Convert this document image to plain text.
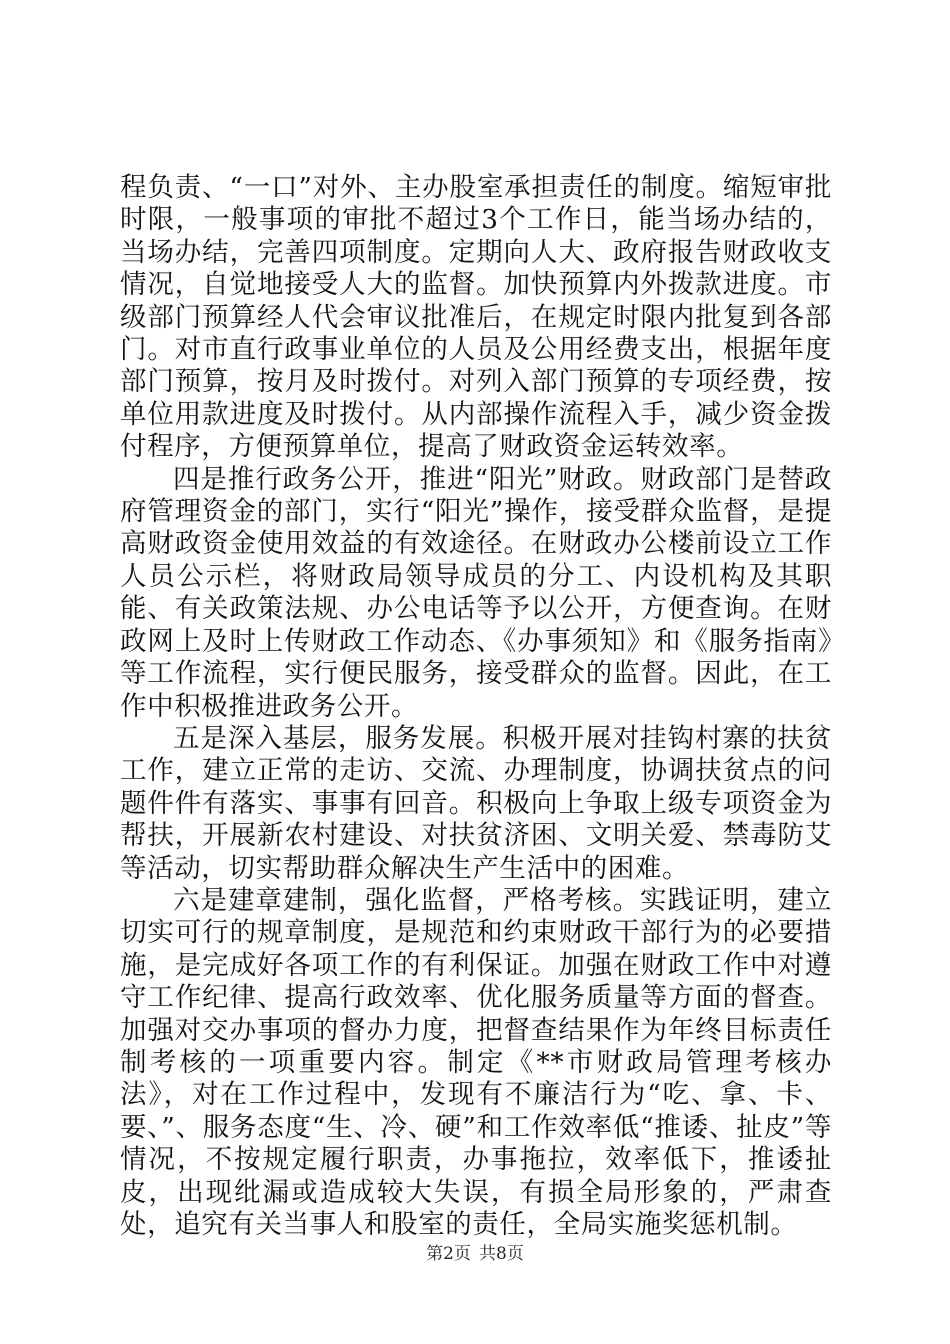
程负责、“一口”对外、主办股室承担责任的制度。缩短审批时限，一般事项的审批不超过3个工作日，能当场办结的，当场办结，完善四项制度。定期向人大、政府报告财政收支情况，自觉地接受人大的监督。加快预算内外拨款进度。市级部门预算经人代会审议批准后，在规定时限内批复到各部门。对市直行政事业单位的人员及公用经费支出，根据年度部门预算，按月及时拨付。对列入部门预算的专项经费，按单位用款进度及时拨付。从内部操作流程入手，减少资金拨付程序，方便预算单位，提高了财政资金运转效率。

四是推行政务公开，推进“阳光”财政。财政部门是替政府管理资金的部门，实行“阳光”操作，接受群众监督，是提高财政资金使用效益的有效途径。在财政办公楼前设立工作人员公示栏，将财政局领导成员的分工、内设机构及其职能、有关政策法规、办公电话等予以公开，方便查询。在财政网上及时上传财政工作动态、《办事须知》和《服务指南》等工作流程，实行便民服务，接受群众的监督。因此，在工作中积极推进政务公开。

五是深入基层，服务发展。积极开展对挂钩村寨的扶贫工作，建立正常的走访、交流、办理制度，协调扶贫点的问题件件有落实、事事有回音。积极向上争取上级专项资金为帮扶，开展新农村建设、对扶贫济困、文明关爱、禁毒防艾等活动，切实帮助群众解决生产生活中的困难。

六是建章建制，强化监督，严格考核。实践证明，建立切实可行的规章制度，是规范和约束财政干部行为的必要措施，是完成好各项工作的有利保证。加强在财政工作中对遵守工作纪律、提高行政效率、优化服务质量等方面的督查。加强对交办事项的督办力度，把督查结果作为年终目标责任制考核的一项重要内容。制定《**市财政局管理考核办法》，对在工作过程中，发现有不廉洁行为“吃、拿、卡、要、”、服务态度“生、冷、硬”和工作效率低“推诿、扯皮”等情况，不按规定履行职责，办事拖拉，效率低下，推诿扯皮，出现纰漏或造成较大失误，有损全局形象的，严肃查处，追究有关当事人和股室的责任，全局实施奖惩机制。

第2页 共8页
